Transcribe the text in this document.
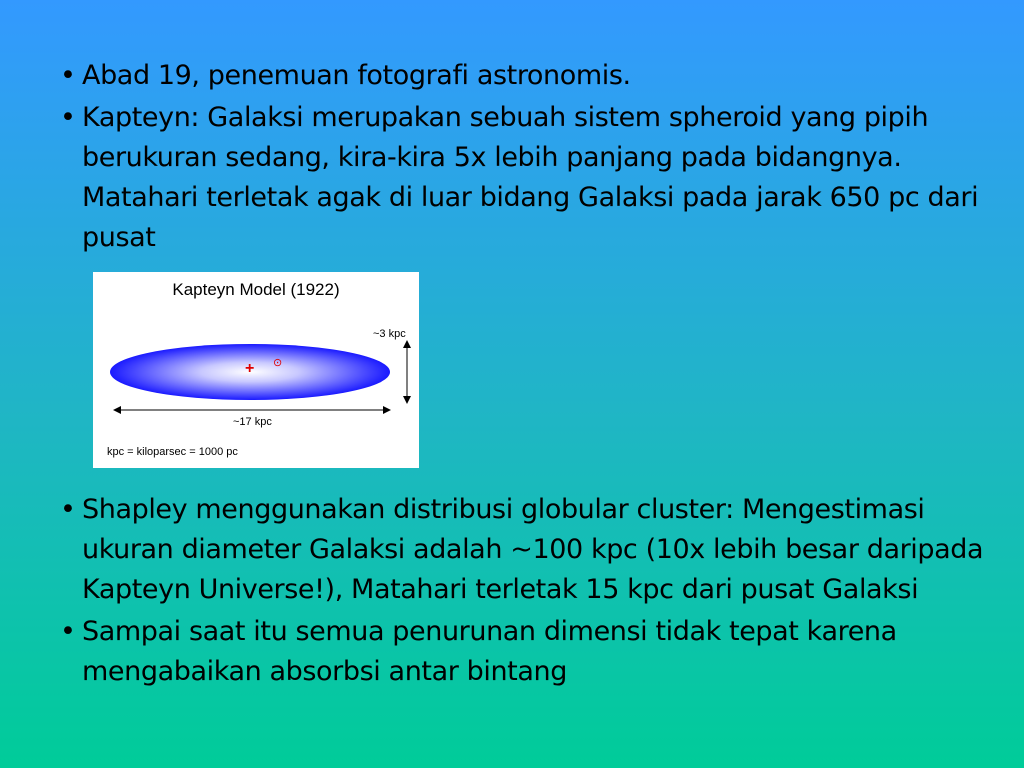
• Abad 19, penemuan fotografi astronomis.
• Kapteyn: Galaksi merupakan sebuah sistem spheroid yang pipih berukuran sedang, kira-kira 5x lebih panjang pada bidangnya. Matahari terletak agak di luar bidang Galaksi pada jarak 650 pc dari pusat
Kapteyn Model (1922)
+ ⊙
~3 kpc
~17 kpc
kpc = kiloparsec = 1000 pc
• Shapley menggunakan distribusi globular cluster: Mengestimasi ukuran diameter Galaksi adalah ~100 kpc (10x lebih besar daripada Kapteyn Universe!), Matahari terletak 15 kpc dari pusat Galaksi
• Sampai saat itu semua penurunan dimensi tidak tepat karena mengabaikan absorbsi antar bintang
